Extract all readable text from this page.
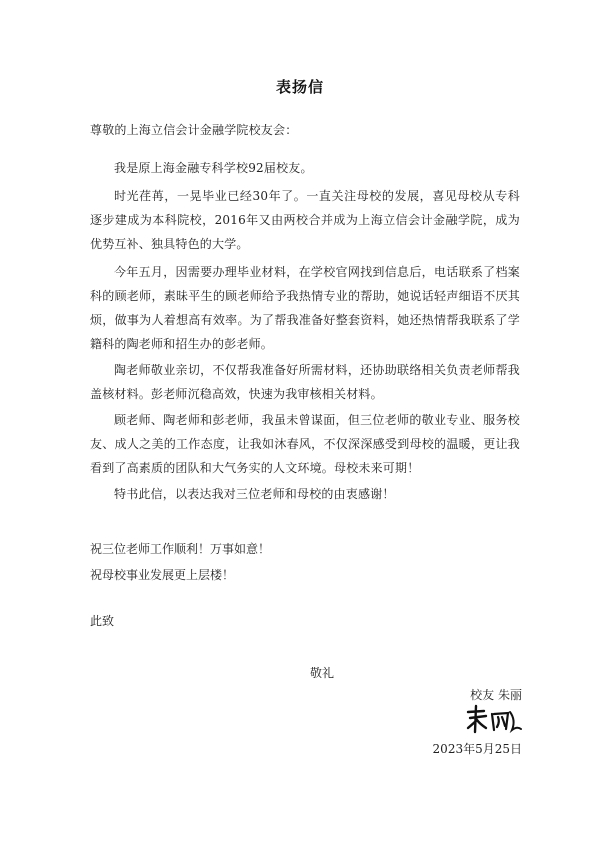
表扬信

尊敬的上海立信会计金融学院校友会：

我是原上海金融专科学校92届校友。

时光荏苒，一晃毕业已经30年了。一直关注母校的发展，喜见母校从专科逐步建成为本科院校，2016年又由两校合并成为上海立信会计金融学院，成为优势互补、独具特色的大学。

今年五月，因需要办理毕业材料，在学校官网找到信息后，电话联系了档案科的顾老师，素昧平生的顾老师给予我热情专业的帮助，她说话轻声细语不厌其烦，做事为人着想高有效率。为了帮我准备好整套资料，她还热情帮我联系了学籍科的陶老师和招生办的彭老师。

陶老师敬业亲切，不仅帮我准备好所需材料，还协助联络相关负责老师帮我盖核材料。彭老师沉稳高效，快速为我审核相关材料。

顾老师、陶老师和彭老师，我虽未曾谋面，但三位老师的敬业专业、服务校友、成人之美的工作态度，让我如沐春风，不仅深深感受到母校的温暖，更让我看到了高素质的团队和大气务实的人文环境。母校未来可期！

特书此信，以表达我对三位老师和母校的由衷感谢！

祝三位老师工作顺利！万事如意！

祝母校事业发展更上层楼！

此致

敬礼

校友 朱丽

2023年5月25日
